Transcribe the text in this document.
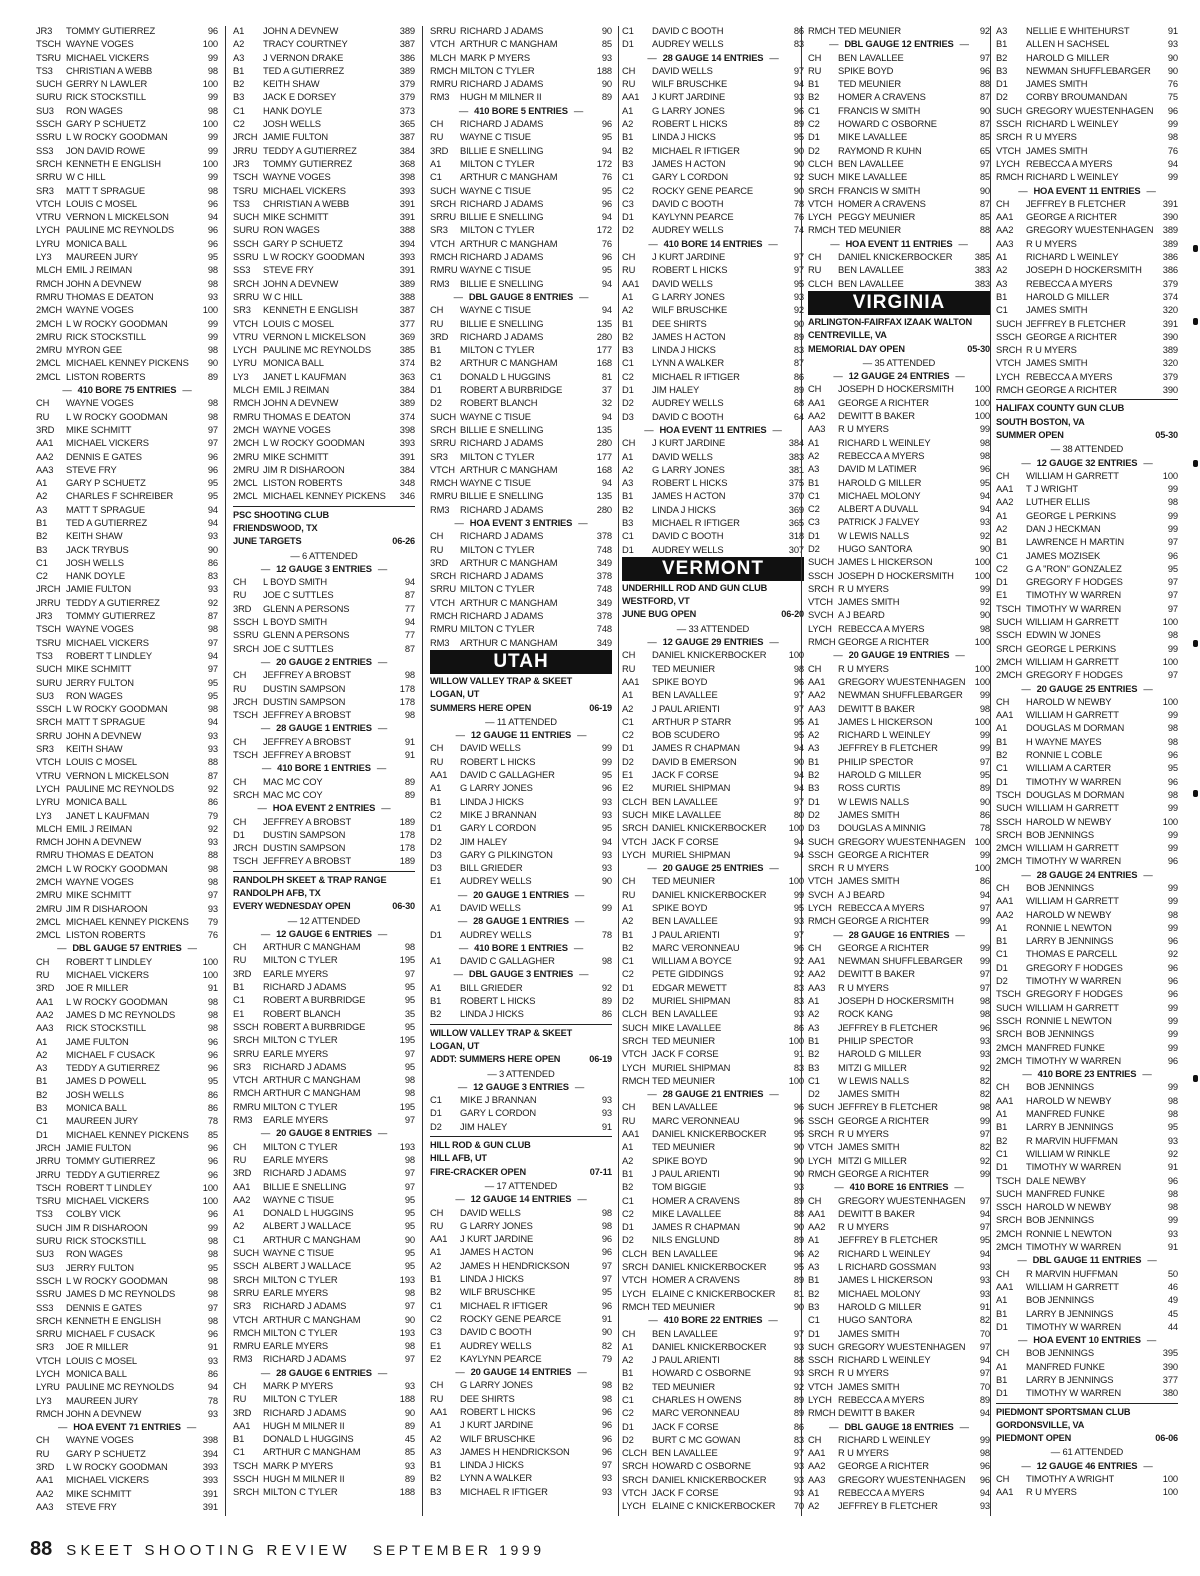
JR3	TOMMY GUTIERREZ	96
TSCH WAYNE VOGES	100
TSRU MICHAEL VICKERS	99
TS3	CHRISTIAN A WEBB	98
SUCH GERRY N LAWLER	100
SURU RICK STOCKSTILL	99
SU3	RON WAGES	98
SSCH GARY P SCHUETZ	100
SSRU L W ROCKY GOODMAN	99
SS3	JON DAVID ROWE	99
SRCH KENNETH E ENGLISH	100
SRRU W C HILL	99
SR3	MATT T SPRAGUE	98
VTCH LOUIS C MOSEL	96
VTRU VERNON L MICKELSON	94
LYCH PAULINE MC REYNOLDS	96
LYRU MONICA BALL	96
LY3	MAUREEN JURY	95
MLCH EMIL J REIMAN	98
RMCH JOHN A DEVNEW	98
RMRU THOMAS E DEATON	93
2MCH WAYNE VOGES	100
2MCH L W ROCKY GOODMAN	99
2MRU RICK STOCKSTILL	99
2MRU MYRON GEE	98
2MCL MICHAEL KENNEY PICKENS	90
2MCL LISTON ROBERTS	89
— 410 BORE 75 ENTRIES —
CH	WAYNE VOGES	98
RU	L W ROCKY GOODMAN	98
3RD	MIKE SCHMITT	97
AA1	MICHAEL VICKERS	97
AA2	DENNIS E GATES	96
AA3	STEVE FRY	96
A1	GARY P SCHUETZ	95
A2	CHARLES F SCHREIBER	95
A3	MATT T SPRAGUE	94
B1	TED A GUTIERREZ	94
B2	KEITH SHAW	93
B3	JACK TRYBUS	90
C1	JOSH WELLS	86
C2	HANK DOYLE	83
JRCH JAMIE FULTON	93
JRRU TEDDY A GUTIERREZ	92
JR3	TOMMY GUTIERREZ	87
TSCH WAYNE VOGES	98
TSRU MICHAEL VICKERS	97
TS3	ROBERT T LINDLEY	94
SUCH MIKE SCHMITT	97
SURU JERRY FULTON	95
SU3	RON WAGES	95
SSCH L W ROCKY GOODMAN	98
SRCH MATT T SPRAGUE	94
SRRU JOHN A DEVNEW	93
SR3	KEITH SHAW	93
VTCH LOUIS C MOSEL	88
VTRU VERNON L MICKELSON	87
LYCH PAULINE MC REYNOLDS	92
LYRU MONICA BALL	86
LY3	JANET L KAUFMAN	79
MLCH EMIL J REIMAN	92
RMCH JOHN A DEVNEW	93
RMRU THOMAS E DEATON	88
2MCH L W ROCKY GOODMAN	98
2MCH WAYNE VOGES	98
2MRU MIKE SCHMITT	97
2MRU JIM R DISHAROON	93
2MCL MICHAEL KENNEY PICKENS	79
2MCL LISTON ROBERTS	76
— DBL GAUGE 57 ENTRIES —
CH	ROBERT T LINDLEY	100
RU	MICHAEL VICKERS	100
3RD	JOE R MILLER	91
AA1	L W ROCKY GOODMAN	98
AA2	JAMES D MC REYNOLDS	98
AA3	RICK STOCKSTILL	98
A1	JAME FULTON	96
A2	MICHAEL F CUSACK	96
A3	TEDDY A GUTIERREZ	96
B1	JAMES D POWELL	95
B2	JOSH WELLS	86
B3	MONICA BALL	86
C1	MAUREEN JURY	78
D1	MICHAEL KENNEY PICKENS	85
JRCH JAMIE FULTON	96
JRRU TOMMY GUTIERREZ	96
JRRU TEDDY A GUTIERREZ	96
TSCH ROBERT T LINDLEY	100
TSRU MICHAEL VICKERS	100
TS3	COLBY VICK	96
SUCH JIM R DISHAROON	99
SURU RICK STOCKSTILL	98
SU3	RON WAGES	98
SU3	JERRY FULTON	95
SSCH L W ROCKY GOODMAN	98
SSRU JAMES D MC REYNOLDS	98
SS3	DENNIS E GATES	97
SRCH KENNETH E ENGLISH	98
SRRU MICHAEL F CUSACK	96
SR3	JOE R MILLER	91
VTCH LOUIS C MOSEL	93
LYCH MONICA BALL	86
LYRU PAULINE MC REYNOLDS	94
LY3	MAUREEN JURY	78
RMCH JOHN A DEVNEW	93
— HOA EVENT 71 ENTRIES —
CH	WAYNE VOGES	398
RU	GARY P SCHUETZ	394
3RD	L W ROCKY GOODMAN	393
AA1	MICHAEL VICKERS	393
AA2	MIKE SCHMITT	391
AA3	STEVE FRY	391
A1	JOHN A DEVNEW	389
A2	TRACY COURTNEY	387
A3	J VERNON DRAKE	386
B1	TED A GUTIERREZ	389
B2	KEITH SHAW	379
B3	JACK E DORSEY	379
C1	HANK DOYLE	373
C2	JOSH WELLS	365
JRCH JAMIE FULTON	387
JRRU TEDDY A GUTIERREZ	384
JR3	TOMMY GUTIERREZ	368
TSCH WAYNE VOGES	398
TSRU MICHAEL VICKERS	393
TS3	CHRISTIAN A WEBB	391
SUCH MIKE SCHMITT	391
SURU RON WAGES	388
SSCH GARY P SCHUETZ	394
SSRU L W ROCKY GOODMAN	393
SS3	STEVE FRY	391
SRCH JOHN A DEVNEW	389
SRRU W C HILL	388
SR3	KENNETH E ENGLISH	387
VTCH LOUIS C MOSEL	377
VTRU VERNON L MICKELSON	369
LYCH PAULINE MC REYNOLDS	385
LYRU MONICA BALL	374
LY3	JANET L KAUFMAN	363
MLCH EMIL J REIMAN	384
RMCH JOHN A DEVNEW	389
RMRU THOMAS E DEATON	374
2MCH WAYNE VOGES	398
2MCH L W ROCKY GOODMAN	393
2MRU MIKE SCHMITT	391
2MRU JIM R DISHAROON	384
2MCL LISTON ROBERTS	348
2MCL MICHAEL KENNEY PICKENS	346
PSC SHOOTING CLUB
FRIENDSWOOD, TX
JUNE TARGETS	06-26
— 6 ATTENDED
— 12 GAUGE 3 ENTRIES —
CH	L BOYD SMITH	94
RU	JOE C SUTTLES	87
3RD	GLENN A PERSONS	77
SSCH L BOYD SMITH	94
SSRU GLENN A PERSONS	77
SRCH JOE C SUTTLES	87
— 20 GAUGE 2 ENTRIES —
CH	JEFFREY A BROBST	98
RU	DUSTIN SAMPSON	178
JRCH DUSTIN SAMPSON	178
TSCH JEFFREY A BROBST	98
— 28 GAUGE 1 ENTRIES —
CH	JEFFREY A BROBST	91
TSCH JEFFREY A BROBST	91
— 410 BORE 1 ENTRIES —
CH	MAC MC COY	89
SRCH MAC MC COY	89
— HOA EVENT 2 ENTRIES —
CH	JEFFREY A BROBST	189
D1	DUSTIN SAMPSON	178
JRCH DUSTIN SAMPSON	178
TSCH JEFFREY A BROBST	189
RANDOLPH SKEET & TRAP RANGE
RANDOLPH AFB, TX
EVERY WEDNESDAY OPEN	06-30
— 12 ATTENDED
— 12 GAUGE 6 ENTRIES —
CH	ARTHUR C MANGHAM	98
RU	MILTON C TYLER	195
3RD	EARLE MYERS	97
B1	RICHARD J ADAMS	95
C1	ROBERT A BURBRIDGE	95
E1	ROBERT BLANCH	35
SSCH ROBERT A BURBRIDGE	95
SRCH MILTON C TYLER	195
SRRU EARLE MYERS	97
SR3	RICHARD J ADAMS	95
VTCH ARTHUR C MANGHAM	98
RMCH ARTHUR C MANGHAM	98
RMRU MILTON C TYLER	195
RM3	EARLE MYERS	97
— 20 GAUGE 8 ENTRIES —
CH	MILTON C TYLER	193
RU	EARLE MYERS	98
3RD	RICHARD J ADAMS	97
AA1	BILLIE E SNELLING	97
AA2	WAYNE C TISUE	95
A1	DONALD L HUGGINS	95
A2	ALBERT J WALLACE	95
C1	ARTHUR C MANGHAM	90
SUCH WAYNE C TISUE	95
SSCH ALBERT J WALLACE	95
SRCH MILTON C TYLER	193
SRRU EARLE MYERS	98
SR3	RICHARD J ADAMS	97
VTCH ARTHUR C MANGHAM	90
RMCH MILTON C TYLER	193
RMRU EARLE MYERS	98
RM3	RICHARD J ADAMS	97
— 28 GAUGE 6 ENTRIES —
CH	MARK P MYERS	93
RU	MILTON C TYLER	188
3RD	RICHARD J ADAMS	90
AA1	HUGH M MILNER II	89
B1	DONALD L HUGGINS	45
C1	ARTHUR C MANGHAM	85
TSCH MARK P MYERS	93
SSCH HUGH M MILNER II	89
SRCH MILTON C TYLER	188
SRRU RICHARD J ADAMS	90
VTCH ARTHUR C MANGHAM	85
MLCH MARK P MYERS	93
RMCH MILTON C TYLER	188
RMRU RICHARD J ADAMS	90
RM3	HUGH M MILNER II	89
— 410 BORE 5 ENTRIES —
CH	RICHARD J ADAMS	96
RU	WAYNE C TISUE	95
3RD	BILLIE E SNELLING	94
A1	MILTON C TYLER	172
C1	ARTHUR C MANGHAM	76
SUCH WAYNE C TISUE	95
SRCH RICHARD J ADAMS	96
SRRU BILLIE E SNELLING	94
SR3	MILTON C TYLER	172
VTCH ARTHUR C MANGHAM	76
RMCH RICHARD J ADAMS	96
RMRU WAYNE C TISUE	95
RM3	BILLIE E SNELLING	94
— DBL GAUGE 8 ENTRIES —
CH	WAYNE C TISUE	94
RU	BILLIE E SNELLING	135
3RD	RICHARD J ADAMS	280
B1	MILTON C TYLER	177
B2	ARTHUR C MANGHAM	168
C1	DONALD L HUGGINS	81
D1	ROBERT A BURBRIDGE	37
D2	ROBERT BLANCH	32
SUCH WAYNE C TISUE	94
SRCH BILLIE E SNELLING	135
SRRU RICHARD J ADAMS	280
SR3	MILTON C TYLER	177
VTCH ARTHUR C MANGHAM	168
RMCH WAYNE C TISUE	94
RMRU BILLIE E SNELLING	135
RM3	RICHARD J ADAMS	280
— HOA EVENT 3 ENTRIES —
CH	RICHARD J ADAMS	378
RU	MILTON C TYLER	748
3RD	ARTHUR C MANGHAM	349
SRCH RICHARD J ADAMS	378
SRRU MILTON C TYLER	748
VTCH ARTHUR C MANGHAM	349
RMCH RICHARD J ADAMS	378
RMRU MILTON C TYLER	748
RM3	ARTHUR C MANGHAM	349
UTAH
WILLOW VALLEY TRAP & SKEET
LOGAN, UT
SUMMERS HERE OPEN	06-19
— 11 ATTENDED
— 12 GAUGE 11 ENTRIES —
CH	DAVID WELLS	99
RU	ROBERT L HICKS	99
AA1	DAVID C GALLAGHER	95
A1	G LARRY JONES	96
B1	LINDA J HICKS	93
C2	MIKE J BRANNAN	93
D1	GARY L CORDON	95
D2	JIM HALEY	94
D3	GARY G PILKINGTON	93
D3	BILL GRIEDER	93
E1	AUDREY WELLS	90
— 20 GAUGE 1 ENTRIES —
A1	DAVID WELLS	99
— 28 GAUGE 1 ENTRIES —
D1	AUDREY WELLS	78
— 410 BORE 1 ENTRIES —
A1	DAVID C GALLAGHER	98
— DBL GAUGE 3 ENTRIES —
A1	BILL GRIEDER	92
B1	ROBERT L HICKS	89
B2	LINDA J HICKS	86
WILLOW VALLEY TRAP & SKEET
LOGAN, UT
ADDT: SUMMERS HERE OPEN	06-19
— 3 ATTENDED
— 12 GAUGE 3 ENTRIES —
C1	MIKE J BRANNAN	93
D1	GARY L CORDON	93
D2	JIM HALEY	91
HILL ROD & GUN CLUB
HILL AFB, UT
FIRE-CRACKER OPEN	07-11
— 17 ATTENDED
— 12 GAUGE 14 ENTRIES —
CH	DAVID WELLS	98
RU	G LARRY JONES	98
AA1	J KURT JARDINE	96
A1	JAMES H ACTON	96
A2	JAMES H HENDRICKSON	97
B1	LINDA J HICKS	97
B2	WILF BRUSCHKE	95
C1	MICHAEL R IFTIGER	96
C2	ROCKY GENE PEARCE	91
C3	DAVID C BOOTH	90
E1	AUDREY WELLS	82
E2	KAYLYNN PEARCE	79
— 20 GAUGE 14 ENTRIES —
CH	G LARRY JONES	98
RU	DEE SHIRTS	98
AA1	ROBERT L HICKS	96
A1	J KURT JARDINE	96
A2	WILF BRUSCHKE	96
A3	JAMES H HENDRICKSON	96
B1	LINDA J HICKS	97
B2	LYNN A WALKER	93
B3	MICHAEL R IFTIGER	93
C1	DAVID C BOOTH	86
D1	AUDREY WELLS	83
— 28 GAUGE 14 ENTRIES —
CH	DAVID WELLS	97
RU	WILF BRUSCHKE	94
AA1	J KURT JARDINE	93
A1	G LARRY JONES	96
A2	ROBERT L HICKS	89
B1	LINDA J HICKS	95
B2	MICHAEL R IFTIGER	90
B3	JAMES H ACTON	90
C1	GARY L CORDON	92
C2	ROCKY GENE PEARCE	90
C3	DAVID C BOOTH	78
D1	KAYLYNN PEARCE	76
D2	AUDREY WELLS	74
— 410 BORE 14 ENTRIES —
CH	J KURT JARDINE	97
RU	ROBERT L HICKS	97
AA1	DAVID WELLS	95
A1	G LARRY JONES	93
A2	WILF BRUSCHKE	92
B1	DEE SHIRTS	90
B2	JAMES H ACTON	89
B3	LINDA J HICKS	83
C1	LYNN A WALKER	87
C2	MICHAEL R IFTIGER	86
D1	JIM HALEY	89
D2	AUDREY WELLS	68
D3	DAVID C BOOTH	64
— HOA EVENT 11 ENTRIES —
CH	J KURT JARDINE	384
A1	DAVID WELLS	383
A2	G LARRY JONES	381
A3	ROBERT L HICKS	375
B1	JAMES H ACTON	370
B2	LINDA J HICKS	369
B3	MICHAEL R IFTIGER	365
C1	DAVID C BOOTH	318
D1	AUDREY WELLS	307
VERMONT
UNDERHILL ROD AND GUN CLUB
WESTFORD, VT
JUNE BUG OPEN	06-20
— 33 ATTENDED
— 12 GAUGE 29 ENTRIES —
CH	DANIEL KNICKERBOCKER	100
RU	TED MEUNIER	98
AA1	SPIKE BOYD	96
A1	BEN LAVALLEE	97
A2	J PAUL ARIENTI	97
C1	ARTHUR P STARR	95
C2	BOB SCUDERO	95
D1	JAMES R CHAPMAN	94
D2	DAVID B EMERSON	90
E1	JACK F CORSE	94
E2	MURIEL SHIPMAN	94
CLCH BEN LAVALLEE	97
SUCH MIKE LAVALLEE	80
SRCH DANIEL KNICKERBOCKER	100
VTCH JACK F CORSE	94
LYCH MURIEL SHIPMAN	94
— 20 GAUGE 25 ENTRIES —
CH	TED MEUNIER	100
RU	DANIEL KNICKERBOCKER	99
A1	SPIKE BOYD	95
A2	BEN LAVALLEE	93
B1	J PAUL ARIENTI	97
B2	MARC VERONNEAU	96
C1	WILLIAM A BOYCE	92
C2	PETE GIDDINGS	92
D1	EDGAR MEWETT	83
D2	MURIEL SHIPMAN	83
CLCH BEN LAVALLEE	93
SUCH MIKE LAVALLEE	86
SRCH TED MEUNIER	100
VTCH JACK F CORSE	91
LYCH MURIEL SHIPMAN	83
RMCH TED MEUNIER	100
— 28 GAUGE 21 ENTRIES —
CH	BEN LAVALLEE	96
RU	MARC VERONNEAU	96
AA1	DANIEL KNICKERBOCKER	95
A1	TED MEUNIER	90
A2	SPIKE BOYD	90
B1	J PAUL ARIENTI	90
B2	TOM BIGGIE	93
C1	HOMER A CRAVENS	89
C2	MIKE LAVALLEE	88
D1	JAMES R CHAPMAN	90
D2	NILS ENGLUND	89
CLCH BEN LAVALLEE	96
SRCH DANIEL KNICKERBOCKER	95
VTCH HOMER A CRAVENS	89
LYCH ELAINE C KNICKERBOCKER	81
RMCH TED MEUNIER	90
— 410 BORE 22 ENTRIES —
CH	BEN LAVALLEE	97
A1	DANIEL KNICKERBOCKER	93
A2	J PAUL ARIENTI	88
B1	HOWARD C OSBORNE	93
B2	TED MEUNIER	92
C1	CHARLES H OWENS	89
C2	MARC VERONNEAU	89
D1	JACK F CORSE	86
D2	BURT C MC GOWAN	83
CLCH BEN LAVALLEE	97
SRCH HOWARD C OSBORNE	93
SRCH DANIEL KNICKERBOCKER	93
VTCH JACK F CORSE	93
LYCH ELAINE C KNICKERBOCKER	70
RMCH TED MEUNIER	92
— DBL GAUGE 12 ENTRIES —
CH	BEN LAVALLEE	97
RU	SPIKE BOYD	96
B1	TED MEUNIER	88
B2	HOMER A CRAVENS	87
C1	FRANCIS W SMITH	90
C2	HOWARD C OSBORNE	87
D1	MIKE LAVALLEE	85
D2	RAYMOND R KUHN	65
CLCH BEN LAVALLEE	97
SUCH MIKE LAVALLEE	85
SRCH FRANCIS W SMITH	90
VTCH HOMER A CRAVENS	87
LYCH PEGGY MEUNIER	85
RMCH TED MEUNIER	88
— HOA EVENT 11 ENTRIES —
CH	DANIEL KNICKERBOCKER	385
RU	BEN LAVALLEE	383
CLCH BEN LAVALLEE	383
VIRGINIA
ARLINGTON-FAIRFAX IZAAK WALTON
CENTREVILLE, VA
MEMORIAL DAY OPEN	05-30
— 35 ATTENDED
— 12 GAUGE 24 ENTRIES —
CH	JOSEPH D HOCKERSMITH	100
AA1	GEORGE A RICHTER	100
AA2	DEWITT B BAKER	100
AA3	R U MYERS	99
A1	RICHARD L WEINLEY	98
A2	REBECCA A MYERS	98
A3	DAVID M LATIMER	96
B1	HAROLD G MILLER	95
C1	MICHAEL MOLONY	94
C2	ALBERT A DUVALL	94
C3	PATRICK J FALVEY	93
D1	W LEWIS NALLS	92
D2	HUGO SANTORA	90
SUCH JAMES L HICKERSON	100
SSCH JOSEPH D HOCKERSMITH	100
SRCH R U MYERS	99
VTCH JAMES SMITH	92
SVCH A J BEARD	90
LYCH REBECCA A MYERS	98
RMCH GEORGE A RICHTER	100
— 20 GAUGE 19 ENTRIES —
CH	R U MYERS	100
AA1	GREGORY WUESTENHAGEN 100
AA2	NEWMAN SHUFFLEBARGER	99
AA3	DEWITT B BAKER	98
A1	JAMES L HICKERSON	100
A2	RICHARD L WEINLEY	99
A3	JEFFREY B FLETCHER	99
B1	PHILIP SPECTOR	97
B2	HAROLD G MILLER	95
B3	ROSS CURTIS	89
D1	W LEWIS NALLS	90
D2	JAMES SMITH	86
D3	DOUGLAS A MINNIG	78
SUCH GREGORY WUESTENHAGEN 100
SSCH GEORGE A RICHTER	99
SRCH R U MYERS	100
VTCH JAMES SMITH	86
SVCH A J BEARD	94
LYCH REBECCA A MYERS	97
RMCH GEORGE A RICHTER	99
— 28 GAUGE 16 ENTRIES —
CH	GEORGE A RICHTER	99
AA1	NEWMAN SHUFFLEBARGER	99
AA2	DEWITT B BAKER	97
AA3	R U MYERS	97
A1	JOSEPH D HOCKERSMITH	98
A2	ROCK KANG	98
A3	JEFFREY B FLETCHER	96
B1	PHILIP SPECTOR	93
B2	HAROLD G MILLER	93
B3	MITZI G MILLER	92
C1	W LEWIS NALLS	82
D2	JAMES SMITH	82
SUCH JEFFREY B FLETCHER	98
SSCH GEORGE A RICHTER	99
SRCH R U MYERS	97
VTCH JAMES SMITH	82
LYCH MITZI G MILLER	92
RMCH GEORGE A RICHTER	99
— 410 BORE 16 ENTRIES —
CH	GREGORY WUESTENHAGEN	97
AA1	DEWITT B BAKER	94
AA2	R U MYERS	97
A1	JEFFREY B FLETCHER	95
A2	RICHARD L WEINLEY	94
A3	L RICHARD GOSSMAN	93
B1	JAMES L HICKERSON	93
B2	MICHAEL MOLONY	93
B3	HAROLD G MILLER	91
C1	HUGO SANTORA	82
D1	JAMES SMITH	70
SUCH GREGORY WUESTENHAGEN	97
SSCH RICHARD L WEINLEY	94
SRCH R U MYERS	97
VTCH JAMES SMITH	70
LYCH REBECCA A MYERS	89
RMCH DEWITT B BAKER	94
— DBL GAUGE 18 ENTRIES —
CH	RICHARD L WEINLEY	99
AA1	R U MYERS	98
AA2	GEORGE A RICHTER	96
AA3	GREGORY WUESTENHAGEN	96
A1	REBECCA A MYERS	94
A2	JEFFREY B FLETCHER	93
A3	NELLIE E WHITEHURST	91
B1	ALLEN H SACHSEL	93
B2	HAROLD G MILLER	90
B3	NEWMAN SHUFFLEBARGER	90
D1	JAMES SMITH	76
D2	CORBY BROUMANDAN	75
SUCH GREGORY WUESTENHAGEN	96
SSCH RICHARD L WEINLEY	99
SRCH R U MYERS	98
VTCH JAMES SMITH	76
LYCH REBECCA A MYERS	94
RMCH RICHARD L WEINLEY	99
— HOA EVENT 11 ENTRIES —
CH	JEFFREY B FLETCHER	391
AA1	GEORGE A RICHTER	390
AA2	GREGORY WUESTENHAGEN 389
AA3	R U MYERS	389
A1	RICHARD L WEINLEY	386
A2	JOSEPH D HOCKERSMITH	386
A3	REBECCA A MYERS	379
B1	HAROLD G MILLER	374
C1	JAMES SMITH	320
SUCH JEFFREY B FLETCHER	391
SSCH GEORGE A RICHTER	390
SRCH R U MYERS	389
VTCH JAMES SMITH	320
LYCH REBECCA A MYERS	379
RMCH GEORGE A RICHTER	390
HALIFAX COUNTY GUN CLUB
SOUTH BOSTON, VA
SUMMER OPEN	05-30
— 38 ATTENDED
— 12 GAUGE 32 ENTRIES —
CH	WILLIAM H GARRETT	100
AA1	T J WRIGHT	99
AA2	LUTHER ELLIS	98
A1	GEORGE L PERKINS	99
A2	DAN J HECKMAN	99
B1	LAWRENCE H MARTIN	97
C1	JAMES MOZISEK	96
C2	G A "RON" GONZALEZ	95
D1	GREGORY F HODGES	97
E1	TIMOTHY W WARREN	97
TSCH TIMOTHY W WARREN	97
SUCH WILLIAM H GARRETT	100
SSCH EDWIN W JONES	98
SRCH GEORGE L PERKINS	99
2MCH WILLIAM H GARRETT	100
2MCH GREGORY F HODGES	97
— 20 GAUGE 25 ENTRIES —
CH	HAROLD W NEWBY	100
AA1	WILLIAM H GARRETT	99
A1	DOUGLAS M DORMAN	98
B1	H WAYNE MAYES	98
B2	RONNIE L COBLE	96
C1	WILLIAM A CARTER	95
D1	TIMOTHY W WARREN	96
TSCH DOUGLAS M DORMAN	98
SUCH WILLIAM H GARRETT	99
SSCH HAROLD W NEWBY	100
SRCH BOB JENNINGS	99
2MCH WILLIAM H GARRETT	99
2MCH TIMOTHY W WARREN	96
— 28 GAUGE 24 ENTRIES —
CH	BOB JENNINGS	99
AA1	WILLIAM H GARRETT	99
AA2	HAROLD W NEWBY	98
A1	RONNIE L NEWTON	99
B1	LARRY B JENNINGS	96
C1	THOMAS E PARCELL	92
D1	GREGORY F HODGES	96
D2	TIMOTHY W WARREN	96
TSCH GREGORY F HODGES	96
SUCH WILLIAM H GARRETT	99
SSCH RONNIE L NEWTON	99
SRCH BOB JENNINGS	99
2MCH MANFRED FUNKE	99
2MCH TIMOTHY W WARREN	96
— 410 BORE 23 ENTRIES —
CH	BOB JENNINGS	99
AA1	HAROLD W NEWBY	98
A1	MANFRED FUNKE	98
B1	LARRY B JENNINGS	95
B2	R MARVIN HUFFMAN	93
C1	WILLIAM W RINKLE	92
D1	TIMOTHY W WARREN	91
TSCH DALE NEWBY	96
SUCH MANFRED FUNKE	98
SSCH HAROLD W NEWBY	98
SRCH BOB JENNINGS	99
2MCH RONNIE L NEWTON	93
2MCH TIMOTHY W WARREN	91
— DBL GAUGE 11 ENTRIES —
CH	R MARVIN HUFFMAN	50
AA1	WILLIAM H GARRETT	46
A1	BOB JENNINGS	49
B1	LARRY B JENNINGS	45
D1	TIMOTHY W WARREN	44
— HOA EVENT 10 ENTRIES —
CH	BOB JENNINGS	395
A1	MANFRED FUNKE	390
B1	LARRY B JENNINGS	377
D1	TIMOTHY W WARREN	380
PIEDMONT SPORTSMAN CLUB
GORDONSVILLE, VA
PIEDMONT OPEN	06-06
— 61 ATTENDED
— 12 GAUGE 46 ENTRIES —
CH	TIMOTHY A WRIGHT	100
AA1	R U MYERS	100
88 SKEET SHOOTING REVIEW SEPTEMBER 1999
